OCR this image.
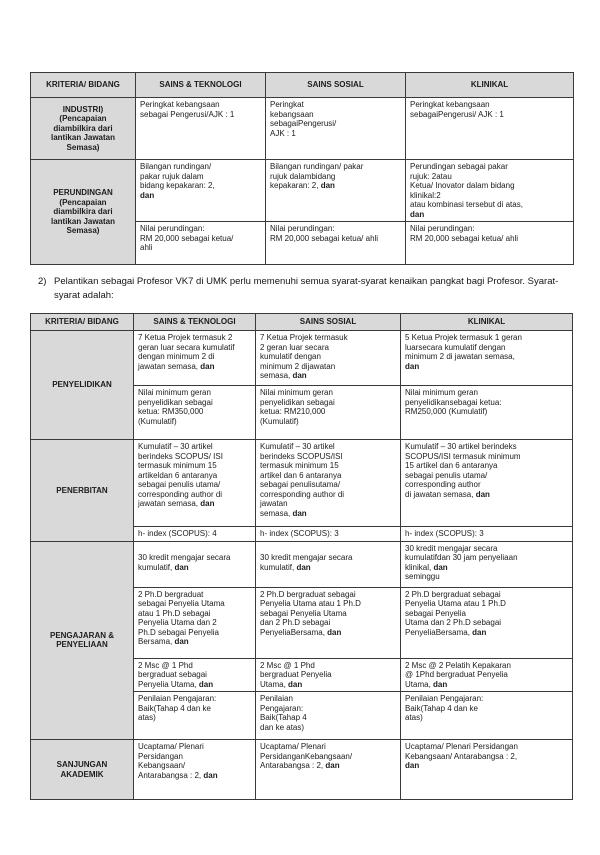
KRITERIA/ BIDANG	SAINS & TEKNOLOGI	SAINS SOSIAL	KLINIKAL
INDUSTRI)
(Pencapaian
diambilkira dari
lantikan Jawatan
Semasa)	Peringkat kebangsaan
sebagai Pengerusi/AJK : 1	Peringkat
kebangsaan
sebagaiPengerusi/
AJK : 1	Peringkat kebangsaan
sebagaiPengerusi/ AJK : 1
PERUNDINGAN
(Pencapaian
diambilkira dari
lantikan Jawatan
Semasa)	Bilangan rundingan/
pakar rujuk dalam
bidang kepakaran: 2,
dan	Bilangan rundingan/ pakar
rujuk dalambidang
kepakaran: 2, dan	Perundingan sebagai pakar
rujuk: 2atau
Ketua/ Inovator dalam bidang
klinikal:2
atau kombinasi tersebut di atas,
dan
	Nilai perundingan:
RM 20,000 sebagai ketua/
ahli	Nilai perundingan:
RM 20,000 sebagai ketua/ ahli	Nilai perundingan:
RM 20,000 sebagai ketua/ ahli
2) Pelantikan sebagai Profesor VK7 di UMK perlu memenuhi semua syarat-syarat kenaikan pangkat bagi Profesor. Syarat-syarat adalah:
KRITERIA/ BIDANG	SAINS & TEKNOLOGI	SAINS SOSIAL	KLINIKAL
PENYELIDIKAN	7 Ketua Projek termasuk 2
geran luar secara kumulatif
dengan minimum 2 di
jawatan semasa, dan	7 Ketua Projek termasuk
2 geran luar secara
kumulatif dengan
minimum 2 dijawatan
semasa, dan	5 Ketua Projek termasuk 1 geran
luarsecara kumulatif dengan
minimum 2 di jawatan semasa,
dan
	Nilai minimum geran
penyelidikan sebagai
ketua: RM350,000
(Kumulatif)	Nilai minimum geran
penyelidikan sebagai
ketua: RM210,000
(Kumulatif)	Nilai minimum geran
penyelidikansebagai ketua:
RM250,000 (Kumulatif)
PENERBITAN	Kumulatif – 30 artikel
berindeks SCOPUS/ ISI
termasuk minimum 15
artikeldan 6 antaranya
sebagai penulis utama/
corresponding author di
jawatan semasa, dan	Kumulatif – 30 artikel
berindeks SCOPUS/ISI
termasuk minimum 15
artikel dan 6 antaranya
sebagai penulisutama/
corresponding author di
jawatan
semasa, dan	Kumulatif – 30 artikel berindeks
SCOPUS/ISI termasuk minimum
15 artikel dan 6 antaranya
sebagai penulis utama/
corresponding author
di jawatan semasa, dan
	h- index (SCOPUS): 4	h- index (SCOPUS): 3	h- index (SCOPUS): 3
PENGAJARAN &
PENYELIAAN	30 kredit mengajar secara
kumulatif, dan	30 kredit mengajar secara
kumulatif, dan	30 kredit mengajar secara
kumulatifdan 30 jam penyeliaan
klinikal, dan
seminggu
2 Ph.D bergraduat
sebagai Penyelia Utama
atau 1 Ph.D sebagai
Penyelia Utama dan 2
Ph.D sebagai Penyelia
Bersama, dan	2 Ph.D bergraduat sebagai
Penyelia Utama atau 1 Ph.D
sebagai Penyelia Utama
dan 2 Ph.D sebagai
PenyeliaBersama, dan	2 Ph.D bergraduat sebagai
Penyelia Utama atau 1 Ph.D
sebagai Penyelia
Utama dan 2 Ph.D sebagai
PenyeliaBersama, dan
	2 Msc @ 1 Phd
bergraduat sebagai
Penyelia Utama, dan	2 Msc @ 1 Phd
bergraduat Penyelia
Utama, dan	2 Msc @ 2 Pelatih Kepakaran
@ 1Phd bergraduat Penyelia
Utama, dan
	Penilaian Pengajaran:
Baik(Tahap 4 dan ke
atas)	Penilaian
Pengajaran:
Baik(Tahap 4
dan ke atas)	Penilaian Pengajaran:
Baik(Tahap 4 dan ke
atas)
SANJUNGAN
AKADEMIK	Ucaptama/ Plenari
Persidangan
Kebangsaan/
Antarabangsa : 2, dan	Ucaptama/ Plenari
PersidanganKebangsaan/
Antarabangsa : 2, dan	Ucaptama/ Plenari Persidangan
Kebangsaan/ Antarabangsa : 2,
dan
